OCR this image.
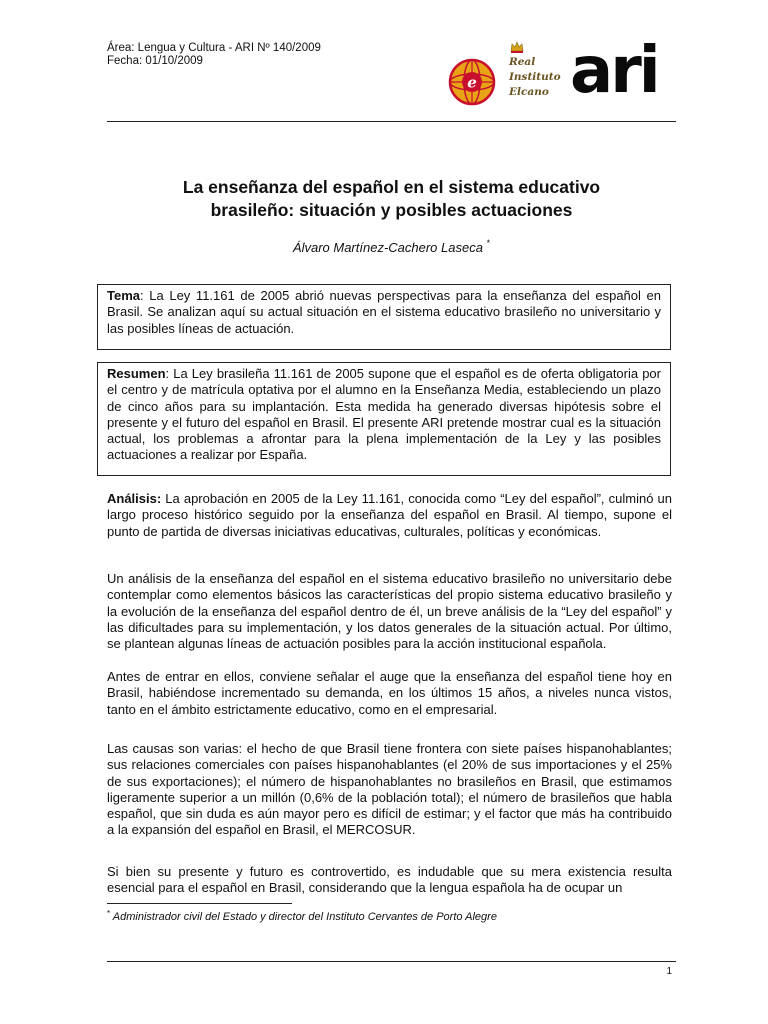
Área: Lengua y Cultura - ARI Nº 140/2009
Fecha: 01/10/2009
e
Real
Instituto
Elcano ari
La enseñanza del español en el sistema educativo
brasileño: situación y posibles actuaciones
Álvaro Martínez-Cachero Laseca *
Tema: La Ley 11.161 de 2005 abrió nuevas perspectivas para la enseñanza del español en Brasil. Se analizan aquí su actual situación en el sistema educativo brasileño no universitario y las posibles líneas de actuación.
Resumen: La Ley brasileña 11.161 de 2005 supone que el español es de oferta obligatoria por el centro y de matrícula optativa por el alumno en la Enseñanza Media, estableciendo un plazo de cinco años para su implantación. Esta medida ha generado diversas hipótesis sobre el presente y el futuro del español en Brasil. El presente ARI pretende mostrar cual es la situación actual, los problemas a afrontar para la plena implementación de la Ley y las posibles actuaciones a realizar por España.

Análisis: La aprobación en 2005 de la Ley 11.161, conocida como “Ley del español”, culminó un largo proceso histórico seguido por la enseñanza del español en Brasil. Al tiempo, supone el punto de partida de diversas iniciativas educativas, culturales, políticas y económicas.

Un análisis de la enseñanza del español en el sistema educativo brasileño no universitario debe contemplar como elementos básicos las características del propio sistema educativo brasileño y la evolución de la enseñanza del español dentro de él, un breve análisis de la “Ley del español” y las dificultades para su implementación, y los datos generales de la situación actual. Por último, se plantean algunas líneas de actuación posibles para la acción institucional española.

Antes de entrar en ellos, conviene señalar el auge que la enseñanza del español tiene hoy en Brasil, habiéndose incrementado su demanda, en los últimos 15 años, a niveles nunca vistos, tanto en el ámbito estrictamente educativo, como en el empresarial.

Las causas son varias: el hecho de que Brasil tiene frontera con siete países hispanohablantes; sus relaciones comerciales con países hispanohablantes (el 20% de sus importaciones y el 25% de sus exportaciones); el número de hispanohablantes no brasileños en Brasil, que estimamos ligeramente superior a un millón (0,6% de la población total); el número de brasileños que habla español, que sin duda es aún mayor pero es difícil de estimar; y el factor que más ha contribuido a la expansión del español en Brasil, el MERCOSUR.

Si bien su presente y futuro es controvertido, es indudable que su mera existencia resulta esencial para el español en Brasil, considerando que la lengua española ha de ocupar un

* Administrador civil del Estado y director del Instituto Cervantes de Porto Alegre
1
